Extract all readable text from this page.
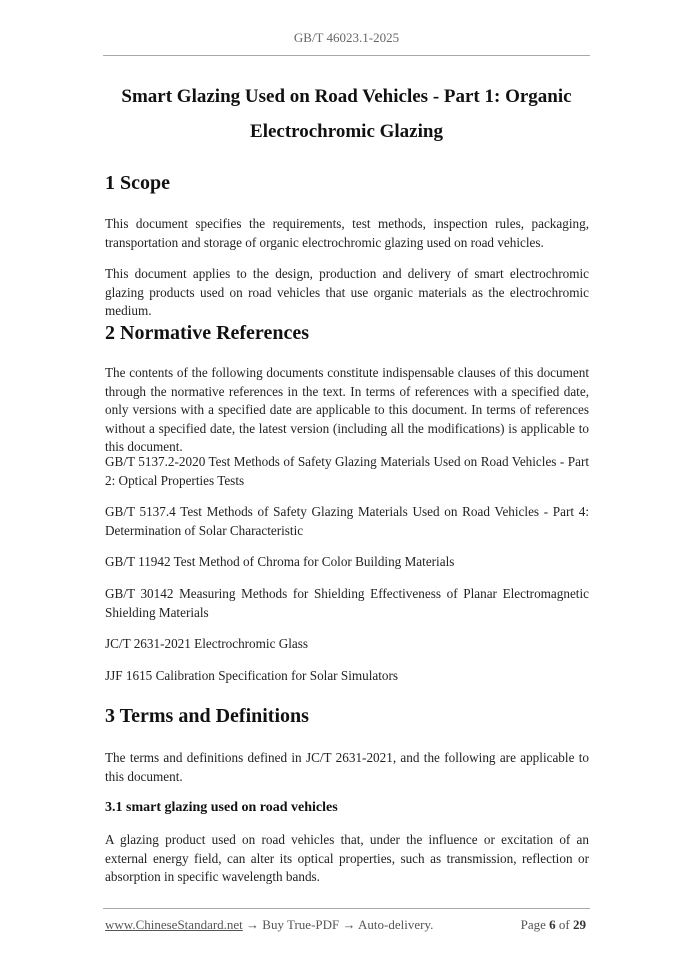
GB/T 46023.1-2025
Smart Glazing Used on Road Vehicles - Part 1: Organic
Electrochromic Glazing
1 Scope

This document specifies the requirements, test methods, inspection rules, packaging, transportation and storage of organic electrochromic glazing used on road vehicles.

This document applies to the design, production and delivery of smart electrochromic glazing products used on road vehicles that use organic materials as the electrochromic medium.

2 Normative References

The contents of the following documents constitute indispensable clauses of this document through the normative references in the text. In terms of references with a specified date, only versions with a specified date are applicable to this document. In terms of references without a specified date, the latest version (including all the modifications) is applicable to this document.

GB/T 5137.2-2020 Test Methods of Safety Glazing Materials Used on Road Vehicles - Part 2: Optical Properties Tests

GB/T 5137.4 Test Methods of Safety Glazing Materials Used on Road Vehicles - Part 4: Determination of Solar Characteristic

GB/T 11942 Test Method of Chroma for Color Building Materials

GB/T 30142 Measuring Methods for Shielding Effectiveness of Planar Electromagnetic Shielding Materials

JC/T 2631-2021 Electrochromic Glass

JJF 1615 Calibration Specification for Solar Simulators

3 Terms and Definitions

The terms and definitions defined in JC/T 2631-2021, and the following are applicable to this document.

3.1 smart glazing used on road vehicles

A glazing product used on road vehicles that, under the influence or excitation of an external energy field, can alter its optical properties, such as transmission, reflection or absorption in specific wavelength bands.

www.ChineseStandard.net → Buy True-PDF → Auto-delivery.	Page 6 of 29
